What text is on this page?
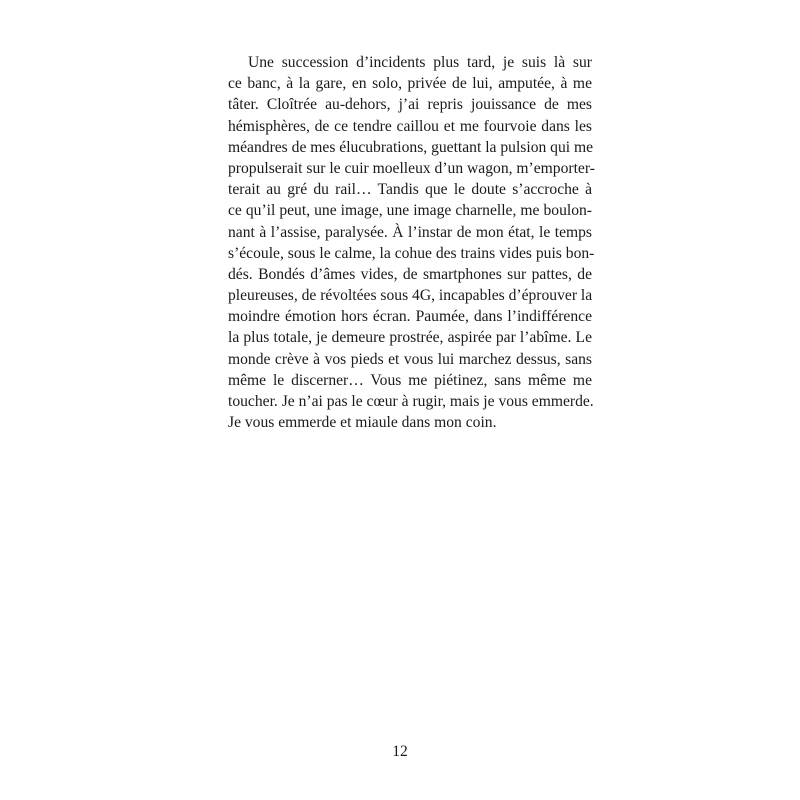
Une succession d’incidents plus tard, je suis là sur
ce banc, à la gare, en solo, privée de lui, amputée, à me
tâter. Cloîtrée au-dehors, j’ai repris jouissance de mes
hémisphères, de ce tendre caillou et me fourvoie dans les
méandres de mes élucubrations, guettant la pulsion qui me
propulserait sur le cuir moelleux d’un wagon, m’emporter-
terait au gré du rail… Tandis que le doute s’accroche à
ce qu’il peut, une image, une image charnelle, me boulon-
nant à l’assise, paralysée. À l’instar de mon état, le temps
s’écoule, sous le calme, la cohue des trains vides puis bon-
dés. Bondés d’âmes vides, de smartphones sur pattes, de
pleureuses, de révoltées sous 4G, incapables d’éprouver la
moindre émotion hors écran. Paumée, dans l’indifférence
la plus totale, je demeure prostrée, aspirée par l’abîme. Le
monde crève à vos pieds et vous lui marchez dessus, sans
même le discerner… Vous me piétinez, sans même me
toucher. Je n’ai pas le cœur à rugir, mais je vous emmerde.
Je vous emmerde et miaule dans mon coin.
12
